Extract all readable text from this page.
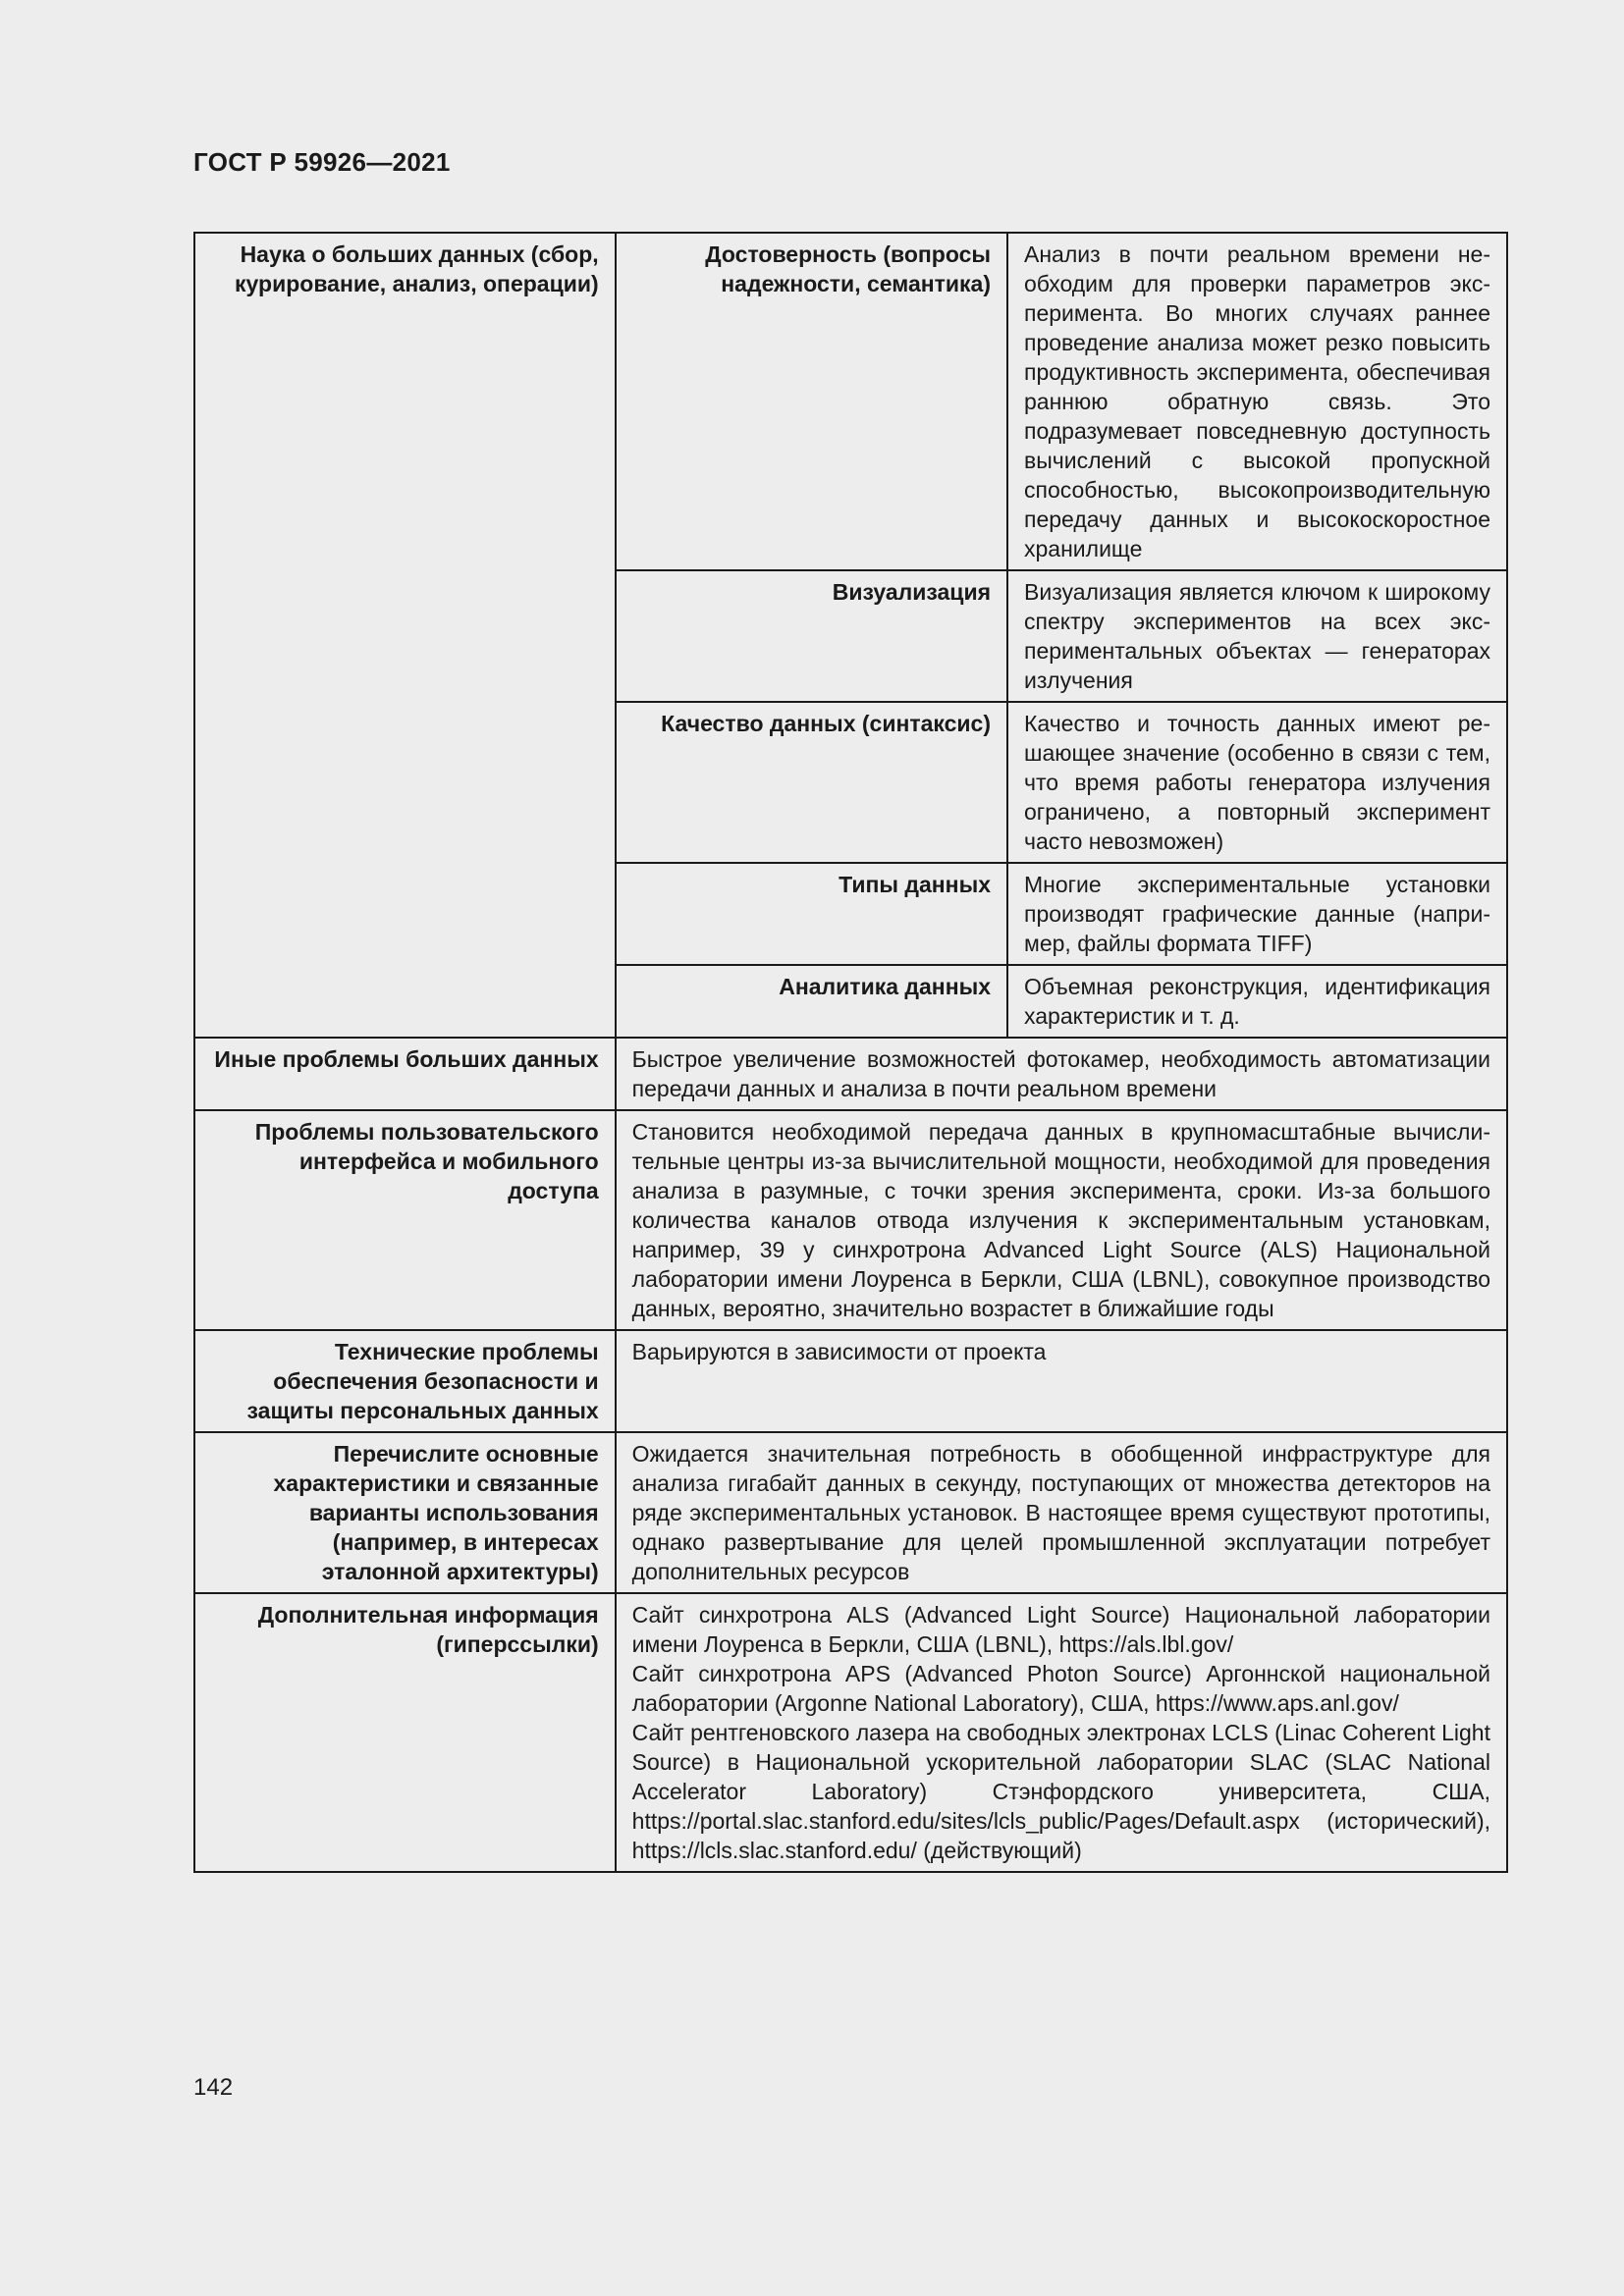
ГОСТ Р 59926—2021
Наука о больших данных (сбор, курирование, анализ, операции)	Достоверность (вопросы надежности, семантика)	Анализ в почти реальном времени необходим для проверки параметров эксперимента. Во многих случаях раннее проведение анализа может резко повысить продуктивность эксперимента, обеспечивая раннюю обратную связь. Это подразумевает повседневную доступность вычислений с высокой пропускной способностью, высокопроизводительную передачу данных и высокоскоростное хранилище
	Визуализация	Визуализация является ключом к широкому спектру экспериментов на всех экспериментальных объектах — генераторах излучения
	Качество данных (синтаксис)	Качество и точность данных имеют решающее значение (особенно в связи с тем, что время работы генератора излучения ограничено, а повторный эксперимент часто невозможен)
	Типы данных	Многие экспериментальные установки производят графические данные (например, файлы формата TIFF)
	Аналитика данных	Объемная реконструкция, идентификация характеристик и т. д.
Иные проблемы больших данных	Быстрое увеличение возможностей фотокамер, необходимость автоматизации передачи данных и анализа в почти реальном времени	
Проблемы пользовательского интерфейса и мобильного доступа	Становится необходимой передача данных в крупномасштабные вычислительные центры из-за вычислительной мощности, необходимой для проведения анализа в разумные, с точки зрения эксперимента, сроки. Из-за большого количества каналов отвода излучения к экспериментальным установкам, например, 39 у синхротрона Advanced Light Source (ALS) Национальной лаборатории имени Лоуренса в Беркли, США (LBNL), совокупное производство данных, вероятно, значительно возрастет в ближайшие годы	
Технические проблемы обеспечения безопасности и защиты персональных данных	Варьируются в зависимости от проекта	
Перечислите основные характеристики и связанные варианты использования (например, в интересах эталонной архитектуры)	Ожидается значительная потребность в обобщенной инфраструктуре для анализа гигабайт данных в секунду, поступающих от множества детекторов на ряде экспериментальных установок. В настоящее время существуют прототипы, однако развертывание для целей промышленной эксплуатации потребует дополнительных ресурсов	
Дополнительная информация (гиперссылки)	Сайт синхротрона ALS (Advanced Light Source) Национальной лаборатории имени Лоуренса в Беркли, США (LBNL), https://als.lbl.gov/
Сайт синхротрона APS (Advanced Photon Source) Аргоннской национальной лаборатории (Argonne National Laboratory), США, https://www.aps.anl.gov/
Сайт рентгеновского лазера на свободных электронах LCLS (Linac Coherent Light Source) в Национальной ускорительной лаборатории SLAC (SLAC National Accelerator Laboratory) Стэнфордского университета, США, https://portal.slac.stanford.edu/sites/lcls_public/Pages/Default.aspx (исторический), https://lcls.slac.stanford.edu/ (действующий)	
142
